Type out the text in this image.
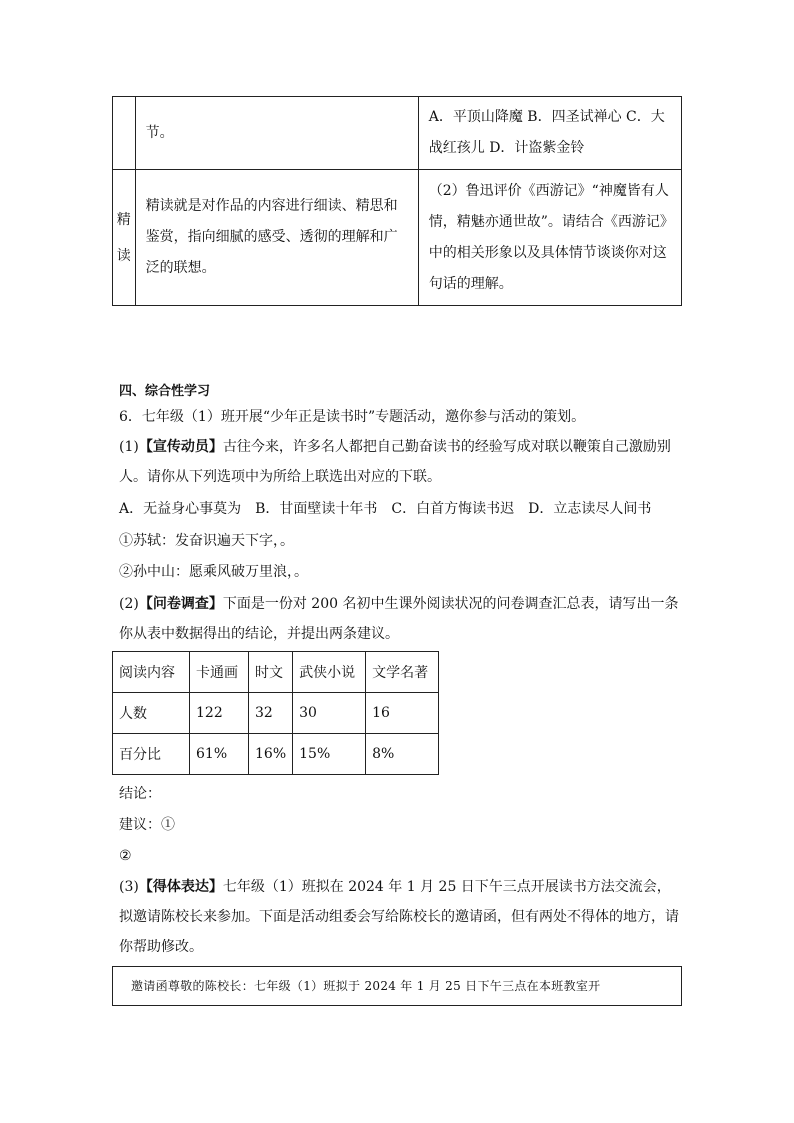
	节。	A．平顶山降魔 B．四圣试禅心 C．大战红孩儿 D．计盗紫金铃

精
读	精读就是对作品的内容进行细读、精思和鉴赏，指向细腻的感受、透彻的理解和广泛的联想。	（2）鲁迅评价《西游记》“神魔皆有人情，精魅亦通世故”。请结合《西游记》中的相关形象以及具体情节谈谈你对这句话的理解。
四、综合性学习
6．七年级（1）班开展“少年正是读书时”专题活动，邀你参与活动的策划。
(1)【宣传动员】古往今来，许多名人都把自己勤奋读书的经验写成对联以鞭策自己激励别人。请你从下列选项中为所给上联选出对应的下联。
A．无益身心事莫为　B．甘面壁读十年书　C．白首方悔读书迟　D．立志读尽人间书
①苏轼：发奋识遍天下字，。
②孙中山：愿乘风破万里浪，。
(2)【问卷调查】下面是一份对 200 名初中生课外阅读状况的问卷调查汇总表，请写出一条你从表中数据得出的结论，并提出两条建议。
阅读内容	卡通画	时文	武侠小说	文学名著
人数	122	32	30	16
百分比	61%	16%	15%	8%
结论：
建议：①
②
(3)【得体表达】七年级（1）班拟在 2024 年 1 月 25 日下午三点开展读书方法交流会，拟邀请陈校长来参加。下面是活动组委会写给陈校长的邀请函，但有两处不得体的地方，请你帮助修改。
邀请函尊敬的陈校长：七年级（1）班拟于 2024 年 1 月 25 日下午三点在本班教室开
